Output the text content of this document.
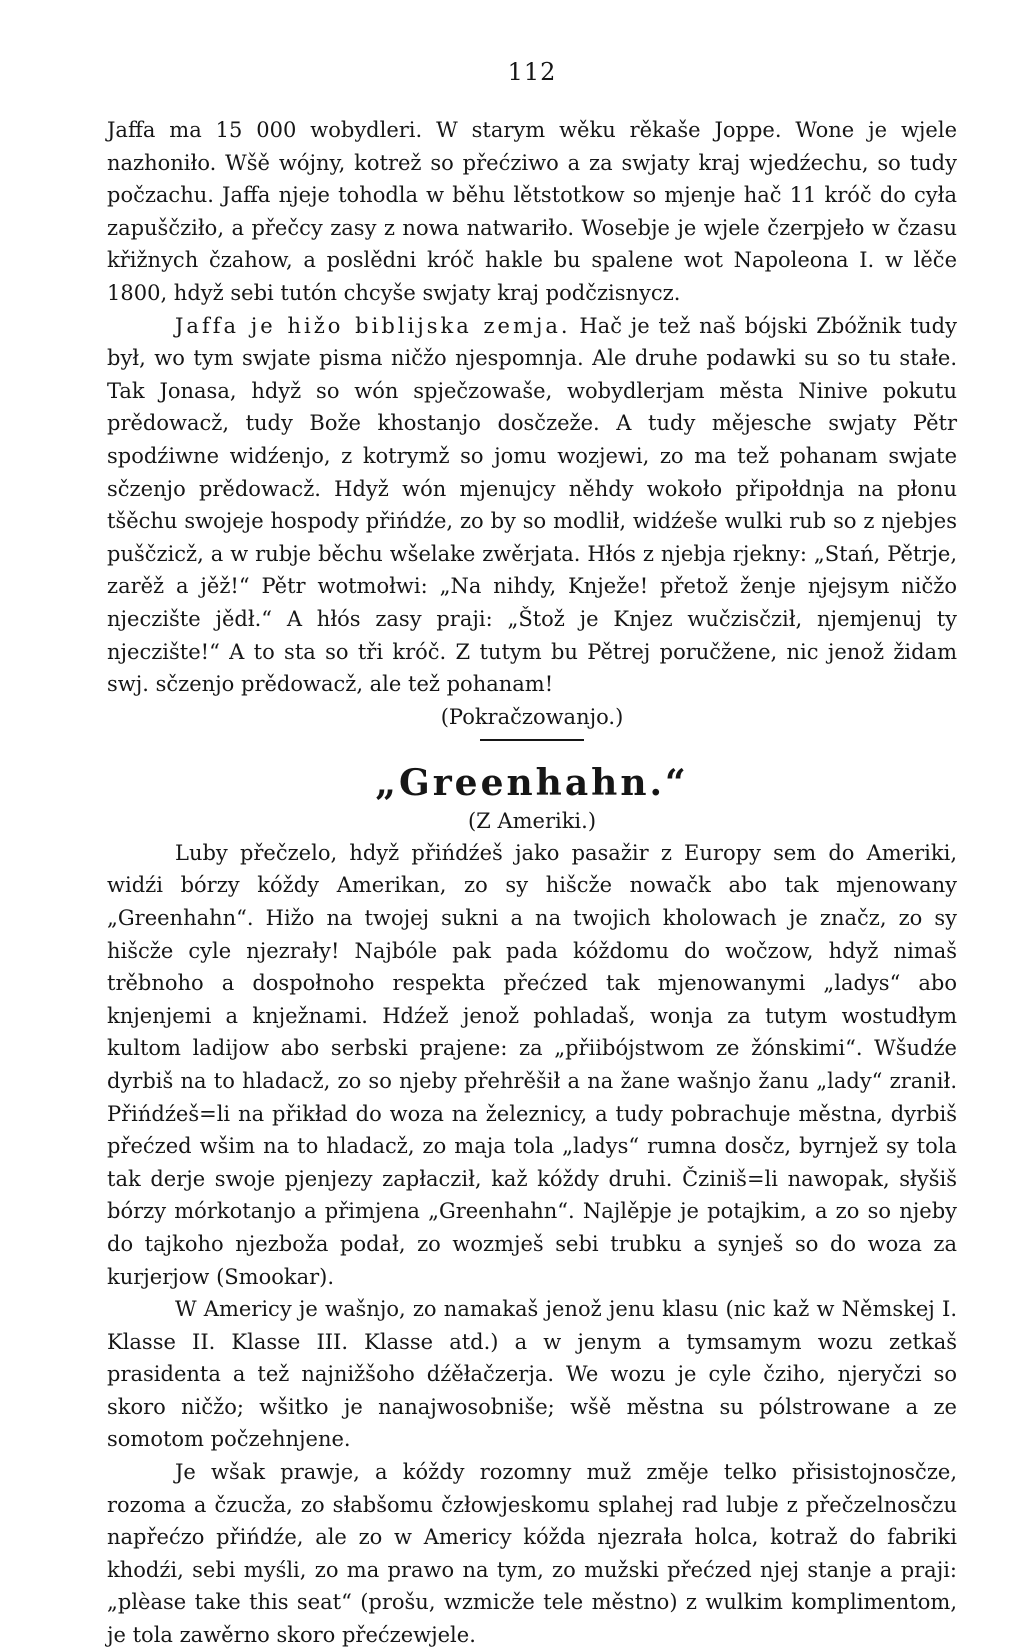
112

Jaffa ma 15 000 wobydleri. W starym wěku rěkaše Joppe. Wone je wjele nazhoniło. Wšě wójny, kotrež so přećziwo a za swjaty kraj wjedźechu, so tudy počzachu. Jaffa njeje tohodla w běhu lětstotkow so mjenje hač 11 króč do cyła zapuščziło, a přečcy zasy z nowa natwariło. Wosebje je wjele čzerpjeło w čzasu křižnych čzahow, a poslědni króč hakle bu spalene wot Napoleona I. w lěče 1800, hdyž sebi tutón chcyše swjaty kraj podčzisnycz.

Jaffa je hižo biblijska zemja. Hač je tež naš bójski Zbóžnik tudy był, wo tym swjate pisma ničžo njespomnja. Ale druhe podawki su so tu stałe. Tak Jonasa, hdyž so wón spječzowaše, wobydlerjam města Ninive pokutu prědowacž, tudy Bože khostanjo dosčzeže. A tudy mějesche swjaty Pětr spodźiwne widźenjo, z kotrymž so jomu wozjewi, zo ma tež pohanam swjate sčzenjo prědowacž. Hdyž wón mjenujcy něhdy wokoło připołdnja na płonu tšěchu swojeje hospody přińdźe, zo by so modlił, widźeše wulki rub so z njebjes puščzicž, a w rubje běchu wšelake zwěrjata. Hłós z njebja rjekny: „Stań, Pětrje, zarěž a jěž!“ Pětr wotmołwi: „Na nihdy, Knježe! přetož ženje njejsym ničžo njeczište jědł.“ A hłós zasy praji: „Štož je Knjez wučzisčził, njemjenuj ty njeczište!“ A to sta so tři króč. Z tutym bu Pětrej poručžene, nic jenož židam swj. sčzenjo prědowacž, ale tež pohanam!

(Pokračzowanjo.)
„Greenhahn.“
(Z Ameriki.)

Luby přečzelo, hdyž přińdźeš jako pasažir z Europy sem do Ameriki, widźi bórzy kóždy Amerikan, zo sy hišcže nowačk abo tak mjenowany „Greenhahn“. Hižo na twojej sukni a na twojich kholowach je značz, zo sy hišcže cyle njezrały! Najbóle pak pada kóždomu do wočzow, hdyž nimaš trěbnoho a dospołnoho respekta přećzed tak mjenowanymi „ladys“ abo knjenjemi a knježnami. Hdźež jenož pohladaš, wonja za tutym wostudłym kultom ladijow abo serbski prajene: za „přiibójstwom ze žónskimi“. Wšudźe dyrbiš na to hladacž, zo so njeby přehrěšił a na žane wašnjo žanu „lady“ zranił. Přińdźeš=li na přikład do woza na železnicy, a tudy pobrachuje městna, dyrbiš přećzed wšim na to hladacž, zo maja tola „ladys“ rumna dosčz, byrnjež sy tola tak derje swoje pjenjezy zapłacził, kaž kóždy druhi. Čziniš=li nawopak, słyšiš bórzy mórkotanjo a přimjena „Greenhahn“. Najlěpje je potajkim, a zo so njeby do tajkoho njezboža podał, zo wozmješ sebi trubku a synješ so do woza za kurjerjow (Smookar).

W Americy je wašnjo, zo namakaš jenož jenu klasu (nic kaž w Němskej I. Klasse II. Klasse III. Klasse atd.) a w jenym a tymsamym wozu zetkaš prasidenta a tež najnižšoho dźěłačzerja. We wozu je cyle čziho, njeryčzi so skoro ničžo; wšitko je nanajwosobniše; wšě městna su pólstrowane a ze somotom počzehnjene.

Je wšak prawje, a kóždy rozomny muž změje telko přisistojnosčze, rozoma a čzucža, zo słabšomu čzłowjeskomu splahej rad lubje z přečzelnosčzu napřećzo přińdźe, ale zo w Americy kóžda njezrała holca, kotraž do fabriki khodźi, sebi myśli, zo ma prawo na tym, zo mužski přećzed njej stanje a praji: „plèase take this seat“ (prošu, wzmicže tele městno) z wulkim komplimentom, je tola zawěrno skoro přećzewjele.
